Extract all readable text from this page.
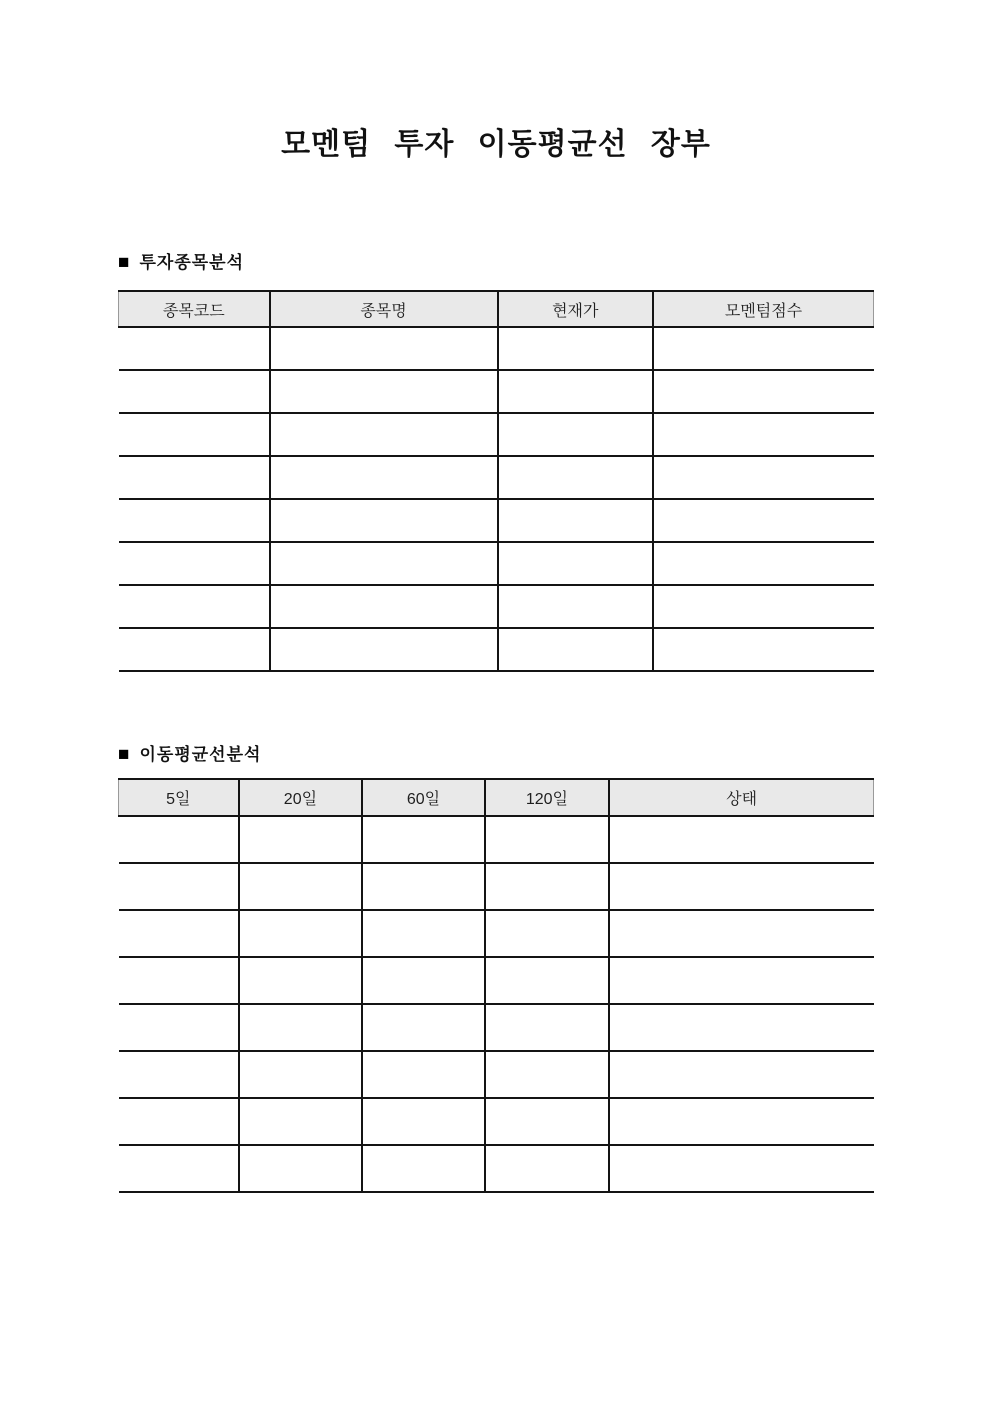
모멘텀 투자 이동평균선 장부
■ 투자종목분석
종목코드	종목명	현재가	모멘텀점수

■ 이동평균선분석
5일	20일	60일	120일	상태
